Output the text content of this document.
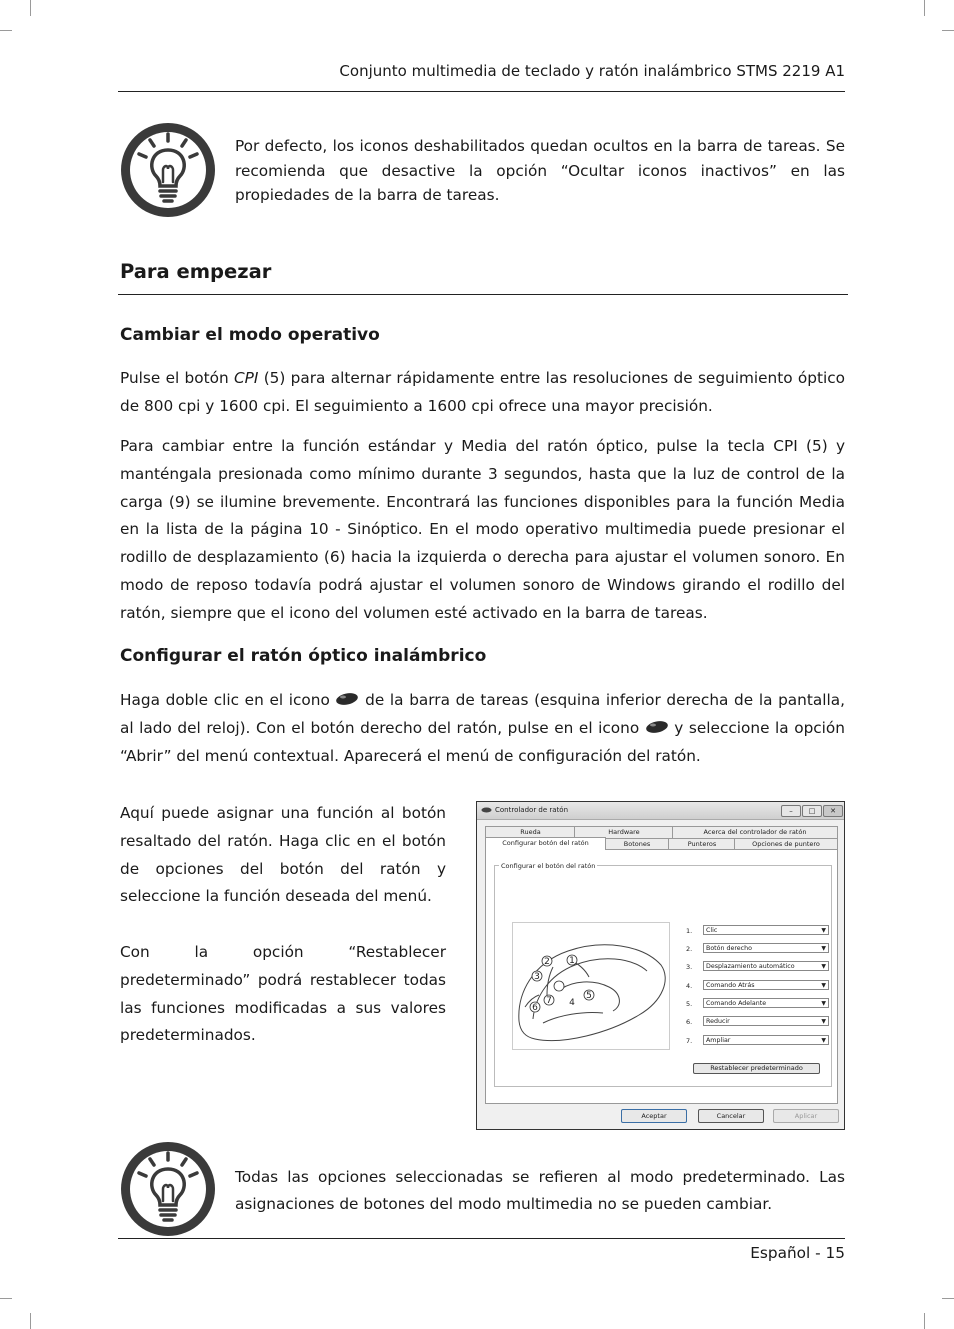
Conjunto multimedia de teclado y ratón inalámbrico STMS 2219 A1
Por defecto, los iconos deshabilitados quedan ocultos en la barra de tareas. Se recomienda que desactive la opción “Ocultar iconos inactivos” en las propiedades de la barra de tareas.
Para empezar
Cambiar el modo operativo
Pulse el botón CPI (5) para alternar rápidamente entre las resoluciones de seguimiento óptico de 800 cpi y 1600 cpi. El seguimiento a 1600 cpi ofrece una mayor precisión.
Para cambiar entre la función estándar y Media del ratón óptico, pulse la tecla CPI (5) y manténgala presionada como mínimo durante 3 segundos, hasta que la luz de control de la carga (9) se ilumine brevemente. Encontrará las funciones disponibles para la función Media en la lista de la página 10 - Sinóptico. En el modo operativo multimedia puede presionar el rodillo de desplazamiento (6) hacia la izquierda o derecha para ajustar el volumen sonoro. En modo de reposo todavía podrá ajustar el volumen sonoro de Windows girando el rodillo del ratón, siempre que el icono del volumen esté activado en la barra de tareas.
Configurar el ratón óptico inalámbrico
Haga doble clic en el icono  de la barra de tareas (esquina inferior derecha de la pantalla, al lado del reloj). Con el botón derecho del ratón, pulse en el icono  y seleccione la opción “Abrir” del menú contextual. Aparecerá el menú de configuración del ratón.
Aquí puede asignar una función al botón resaltado del ratón. Haga clic en el botón de opciones del botón del ratón y seleccione la función deseada del menú.
Con la opción “Restablecer predeterminado” podrá restablecer todas las funciones modificadas a sus valores predeterminados.
Controlador de ratón	–	□	✕
Rueda	Hardware	Acerca del controlador de ratón
Configurar botón del ratón	Botones	Punteros	Opciones de puntero
Configurar el botón del ratón
1
2
3
4
5
6
7
1.	Clic	▼
2.	Botón derecho	▼
3.	Desplazamiento automático	▼
4.	Comando Atrás	▼
5.	Comando Adelante	▼
6.	Reducir	▼
7.	Ampliar	▼
Restablecer predeterminado
Aceptar	Cancelar	Aplicar
Todas las opciones seleccionadas se refieren al modo predeterminado. Las asignaciones de botones del modo multimedia no se pueden cambiar.
Español - 15
